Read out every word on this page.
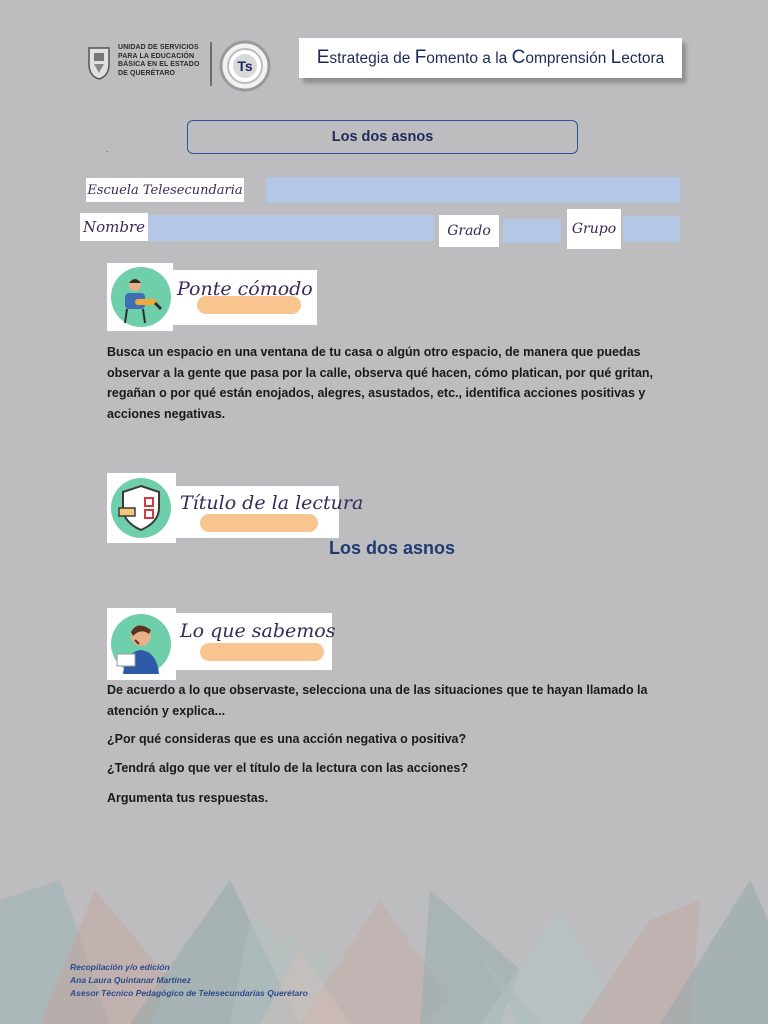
UNIDAD DE SERVICIOS
PARA LA EDUCACIÓN
BÁSICA EN EL ESTADO
DE QUERÉTARO	Ts	Estrategia de Fomento a la Comprensión Lectora
Los dos asnos
.
Escuela Telesecundaria
Nombre	Grado	Grupo
Ponte cómodo
Busca un espacio en una ventana de tu casa o algún otro espacio, de manera que puedas observar a la gente que pasa por la calle, observa qué hacen, cómo platican, por qué gritan, regañan o por qué están enojados, alegres, asustados, etc., identifica acciones positivas y acciones negativas.
Título de la lectura
Los dos asnos
Lo que sabemos
De acuerdo a lo que observaste, selecciona una de las situaciones que te hayan llamado la atención y explica...
¿Por qué consideras que es una acción negativa o positiva?
¿Tendrá algo que ver el título de la lectura con las acciones?
Argumenta tus respuestas.
Recopilación y/o edición
Ana Laura Quintanar Martínez
Asesor Técnico Pedagógico de Telesecundarias Querétaro
